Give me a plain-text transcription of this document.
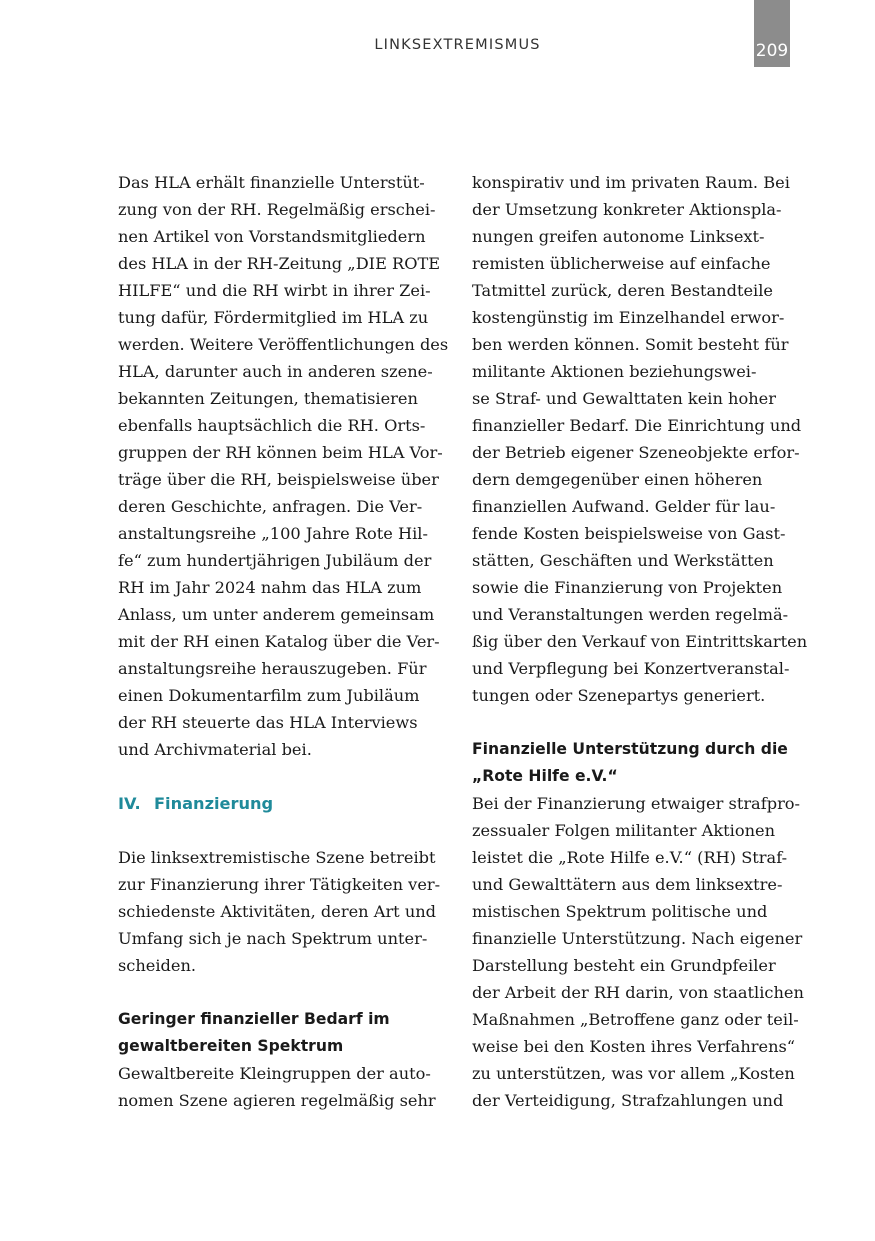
LINKSEXTREMISMUS	209
Das HLA erhält finanzielle Unterstüt-
zung von der RH. Regelmäßig erschei-
nen Artikel von Vorstandsmitgliedern
des HLA in der RH-Zeitung „DIE ROTE
HILFE“ und die RH wirbt in ihrer Zei-
tung dafür, Fördermitglied im HLA zu
werden. Weitere Veröffentlichungen des
HLA, darunter auch in anderen szene-
bekannten Zeitungen, thematisieren
ebenfalls hauptsächlich die RH. Orts-
gruppen der RH können beim HLA Vor-
träge über die RH, beispielsweise über
deren Geschichte, anfragen. Die Ver-
anstaltungsreihe „100 Jahre Rote Hil-
fe“ zum hundertjährigen Jubiläum der
RH im Jahr 2024 nahm das HLA zum
Anlass, um unter anderem gemeinsam
mit der RH einen Katalog über die Ver-
anstaltungsreihe herauszugeben. Für
einen Dokumentarfilm zum Jubiläum
der RH steuerte das HLA Interviews
und Archivmaterial bei.
IV. Finanzierung
Die linksextremistische Szene betreibt
zur Finanzierung ihrer Tätigkeiten ver-
schiedenste Aktivitäten, deren Art und
Umfang sich je nach Spektrum unter-
scheiden.
Geringer finanzieller Bedarf im
gewaltbereiten Spektrum
Gewaltbereite Kleingruppen der auto-
nomen Szene agieren regelmäßig sehr
konspirativ und im privaten Raum. Bei
der Umsetzung konkreter Aktionspla-
nungen greifen autonome Linksext-
remisten üblicherweise auf einfache
Tatmittel zurück, deren Bestandteile
kostengünstig im Einzelhandel erwor-
ben werden können. Somit besteht für
militante Aktionen beziehungswei-
se Straf- und Gewalttaten kein hoher
finanzieller Bedarf. Die Einrichtung und
der Betrieb eigener Szeneobjekte erfor-
dern demgegenüber einen höheren
finanziellen Aufwand. Gelder für lau-
fende Kosten beispielsweise von Gast-
stätten, Geschäften und Werkstätten
sowie die Finanzierung von Projekten
und Veranstaltungen werden regelmä-
ßig über den Verkauf von Eintrittskarten
und Verpflegung bei Konzertveranstal-
tungen oder Szenepartys generiert.
Finanzielle Unterstützung durch die
„Rote Hilfe e.V.“
Bei der Finanzierung etwaiger strafpro-
zessualer Folgen militanter Aktionen
leistet die „Rote Hilfe e.V.“ (RH) Straf-
und Gewalttätern aus dem linksextre-
mistischen Spektrum politische und
finanzielle Unterstützung. Nach eigener
Darstellung besteht ein Grundpfeiler
der Arbeit der RH darin, von staatlichen
Maßnahmen „Betroffene ganz oder teil-
weise bei den Kosten ihres Verfahrens“
zu unterstützen, was vor allem „Kosten
der Verteidigung, Strafzahlungen und
